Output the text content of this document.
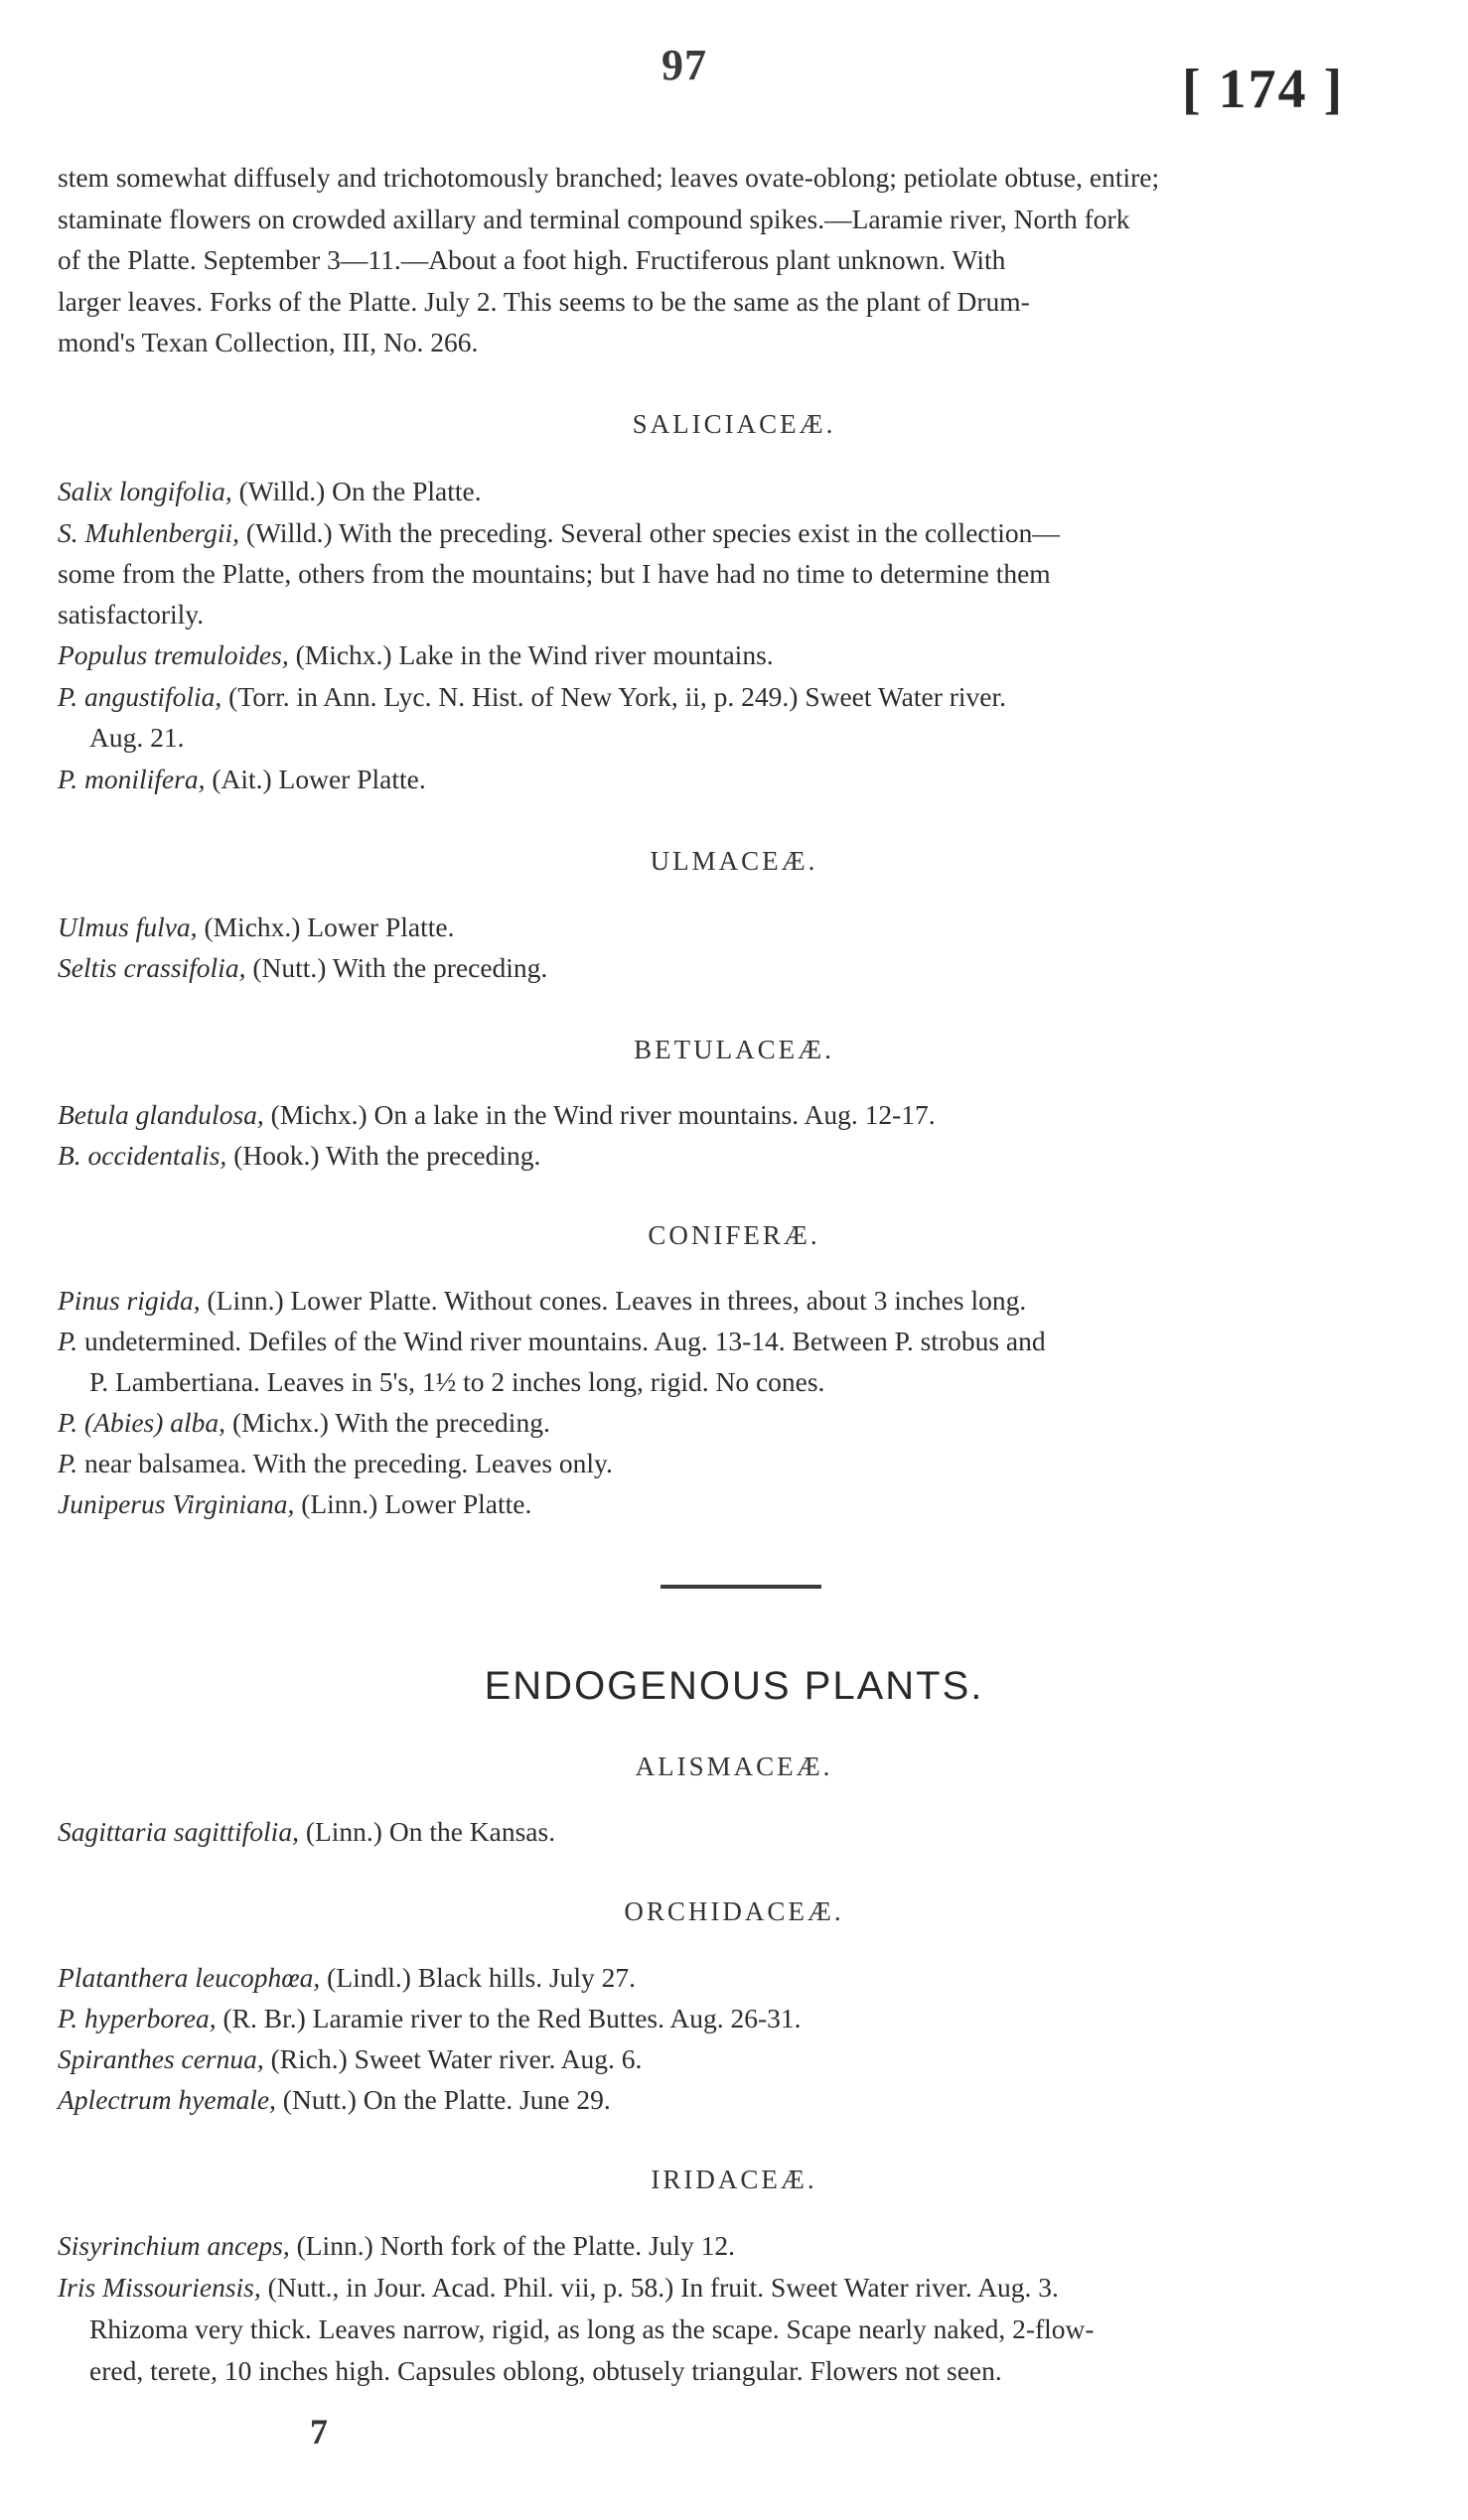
97	[ 174 ]
stem somewhat diffusely and trichotomously branched; leaves ovate-oblong; petiolate obtuse, entire;
staminate flowers on crowded axillary and terminal compound spikes.—Laramie river, North fork
of the Platte. September 3—11.—About a foot high. Fructiferous plant unknown. With
larger leaves. Forks of the Platte. July 2. This seems to be the same as the plant of Drum-
mond's Texan Collection, III, No. 266.
SALICIACEÆ.
Salix longifolia, (Willd.) On the Platte.
S. Muhlenbergii, (Willd.) With the preceding. Several other species exist in the collection—
some from the Platte, others from the mountains; but I have had no time to determine them
satisfactorily.
Populus tremuloides, (Michx.) Lake in the Wind river mountains.
P. angustifolia, (Torr. in Ann. Lyc. N. Hist. of New York, ii, p. 249.) Sweet Water river.
Aug. 21.
P. monilifera, (Ait.) Lower Platte.
ULMACEÆ.
Ulmus fulva, (Michx.) Lower Platte.
Seltis crassifolia, (Nutt.) With the preceding.
BETULACEÆ.
Betula glandulosa, (Michx.) On a lake in the Wind river mountains. Aug. 12-17.
B. occidentalis, (Hook.) With the preceding.
CONIFERÆ.
Pinus rigida, (Linn.) Lower Platte. Without cones. Leaves in threes, about 3 inches long.
P. undetermined. Defiles of the Wind river mountains. Aug. 13-14. Between P. strobus and
P. Lambertiana. Leaves in 5's, 1½ to 2 inches long, rigid. No cones.
P. (Abies) alba, (Michx.) With the preceding.
P. near balsamea. With the preceding. Leaves only.
Juniperus Virginiana, (Linn.) Lower Platte.
ENDOGENOUS PLANTS.
ALISMACEÆ.
Sagittaria sagittifolia, (Linn.) On the Kansas.
ORCHIDACEÆ.
Platanthera leucophœa, (Lindl.) Black hills. July 27.
P. hyperborea, (R. Br.) Laramie river to the Red Buttes. Aug. 26-31.
Spiranthes cernua, (Rich.) Sweet Water river. Aug. 6.
Aplectrum hyemale, (Nutt.) On the Platte. June 29.
IRIDACEÆ.
Sisyrinchium anceps, (Linn.) North fork of the Platte. July 12.
Iris Missouriensis, (Nutt., in Jour. Acad. Phil. vii, p. 58.) In fruit. Sweet Water river. Aug. 3.
Rhizoma very thick. Leaves narrow, rigid, as long as the scape. Scape nearly naked, 2-flow-
ered, terete, 10 inches high. Capsules oblong, obtusely triangular. Flowers not seen.
7
